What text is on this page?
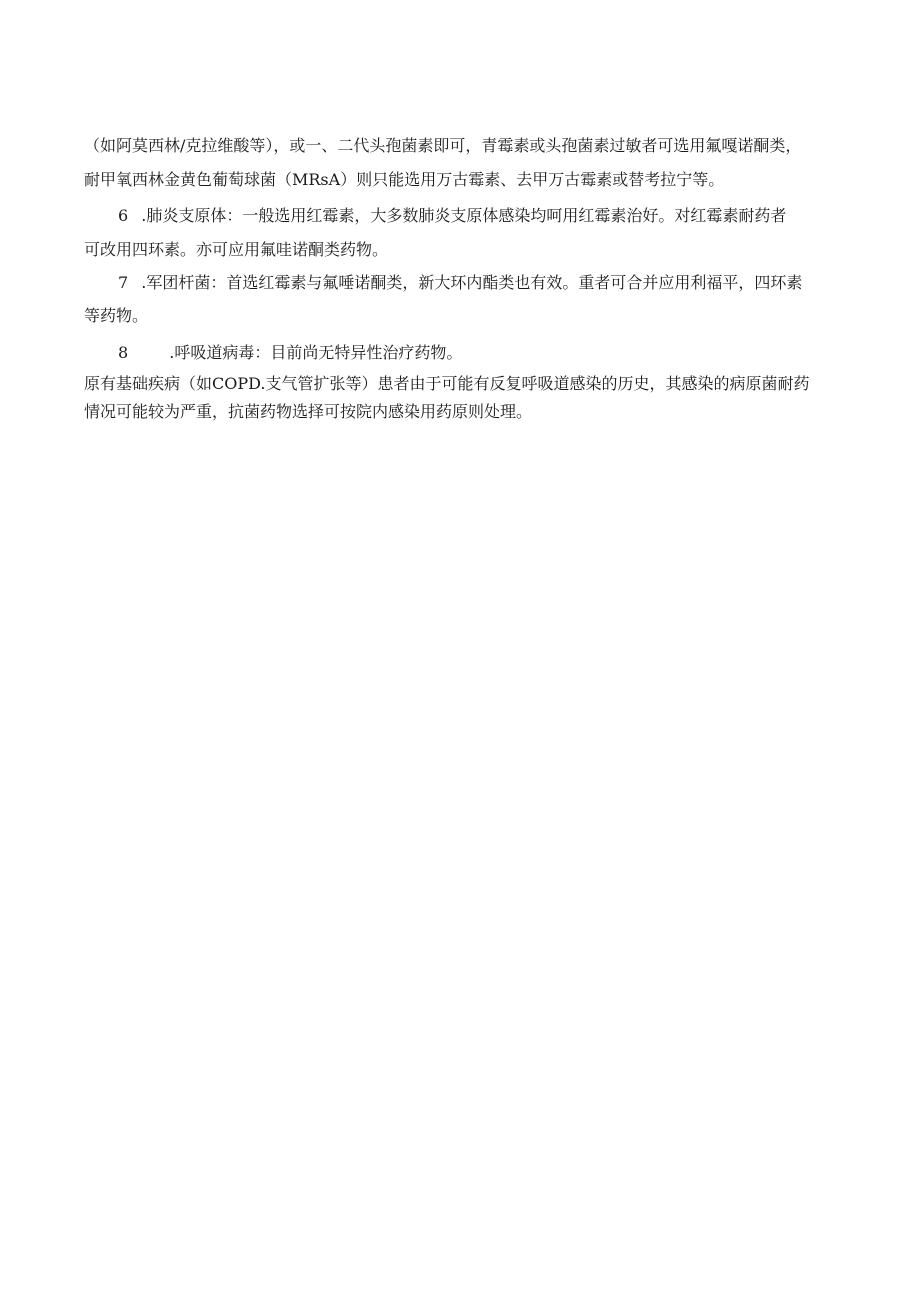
（如阿莫西林/克拉维酸等），或一、二代头孢菌素即可，青霉素或头孢菌素过敏者可选用氟嘎诺酮类，
耐甲氧西林金黄色葡萄球菌（MRsA）则只能选用万古霉素、去甲万古霉素或替考拉宁等。
6 .肺炎支原体：一般选用红霉素，大多数肺炎支原体感染均呵用红霉素治好。对红霉素耐药者
可改用四环素。亦可应用氟哇诺酮类药物。
7 .军团杆菌：首选红霉素与氟唾诺酮类，新大环内酯类也有效。重者可合并应用利福平，四环素
等药物。
8	.呼吸道病毒：目前尚无特异性治疗药物。
原有基础疾病（如COPD.支气管扩张等）患者由于可能有反复呼吸道感染的历史，其感染的病原菌耐药
情况可能较为严重，抗菌药物选择可按院内感染用药原则处理。
